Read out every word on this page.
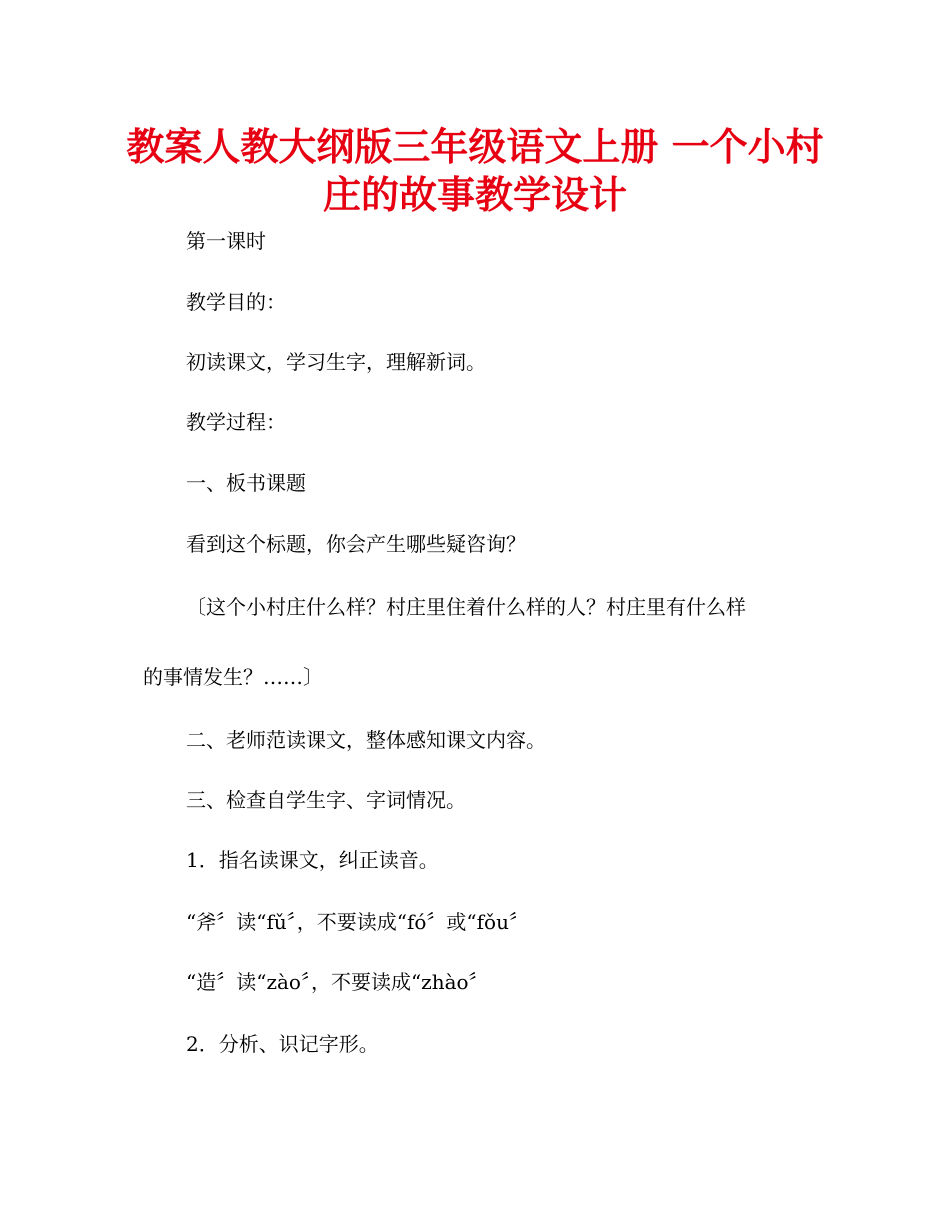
教案人教大纲版三年级语文上册 一个小村
庄的故事教学设计

第一课时

教学目的：

初读课文，学习生字，理解新词。

教学过程：

一、板书课题

看到这个标题，你会产生哪些疑咨询？

〔这个小村庄什么样？村庄里住着什么样的人？村庄里有什么样

的事情发生？……〕

二、老师范读课文，整体感知课文内容。

三、检查自学生字、字词情况。

1．指名读课文，纠正读音。

“斧〞读“fǔ〞，不要读成“fó〞或“fǒu〞

“造〞读“zào〞，不要读成“zhào〞

2．分析、识记字形。
